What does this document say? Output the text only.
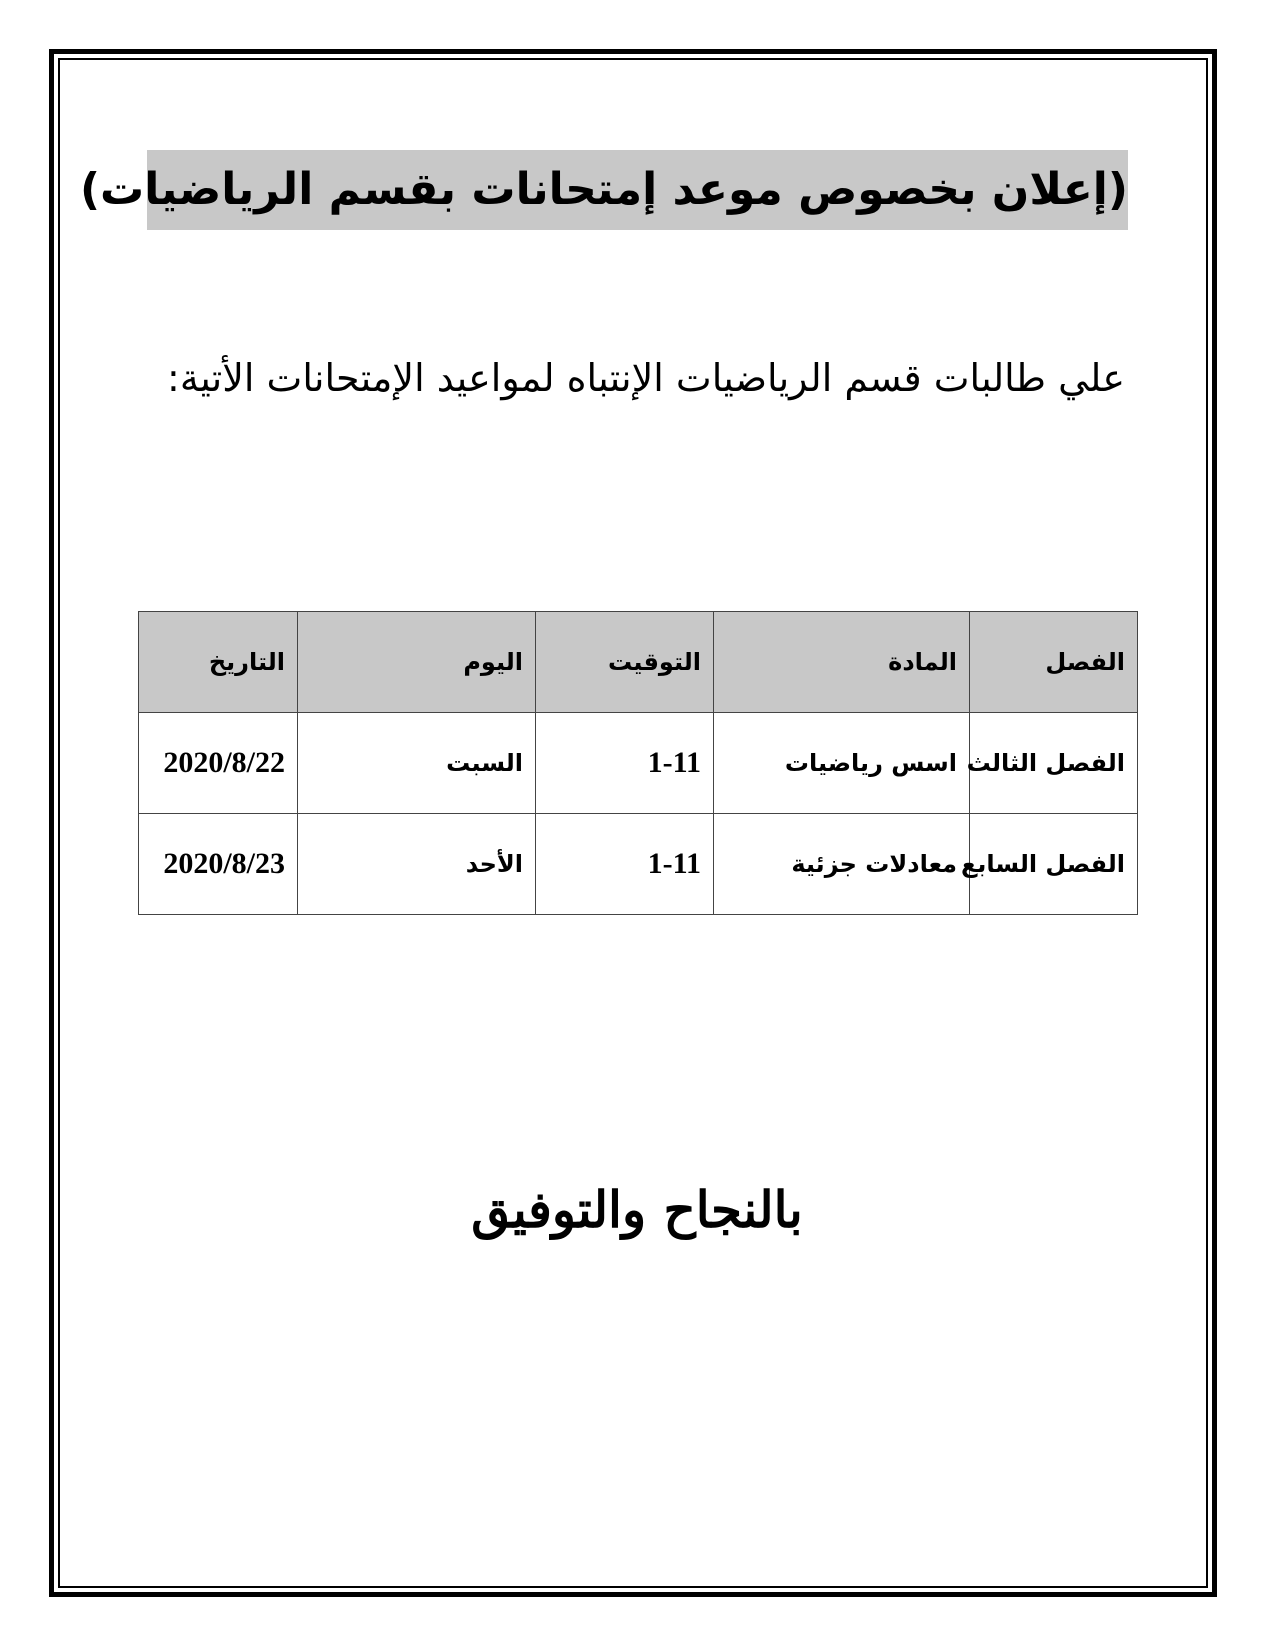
(إعلان بخصوص موعد إمتحانات بقسم الرياضيات)
علي طالبات قسم الرياضيات الإنتباه لمواعيد الإمتحانات الأتية:
الفصل	المادة	التوقيت	اليوم	التاريخ
الفصل الثالث	اسس رياضيات	1-11	السبت	2020/8/22
الفصل السابع	معادلات جزئية	1-11	الأحد	2020/8/23
بالنجاح والتوفيق
